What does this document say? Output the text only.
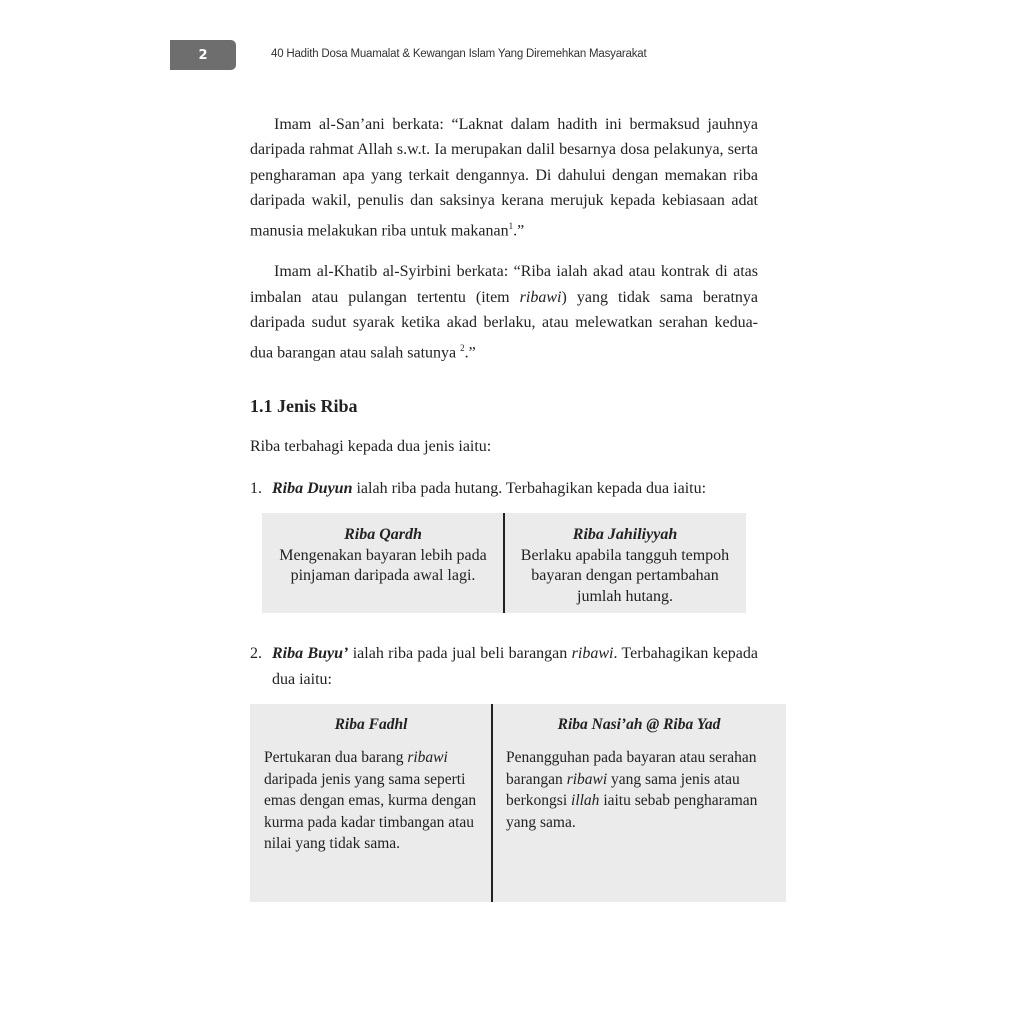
2	40 Hadith Dosa Muamalat & Kewangan Islam Yang Diremehkan Masyarakat

Imam al-San’ani berkata: “Laknat dalam hadith ini bermaksud jauhnya daripada rahmat Allah s.w.t. Ia merupakan dalil besarnya dosa pelakunya, serta pengharaman apa yang terkait dengannya. Di dahului dengan memakan riba daripada wakil, penulis dan saksinya kerana merujuk kepada kebiasaan adat manusia melakukan riba untuk makanan$^1$.”

Imam al-Khatib al-Syirbini berkata: “Riba ialah akad atau kontrak di atas imbalan atau pulangan tertentu (item ribawi) yang tidak sama beratnya daripada sudut syarak ketika akad berlaku, atau melewatkan serahan kedua-dua barangan atau salah satunya $^2$.”

1.1 Jenis Riba

Riba terbahagi kepada dua jenis iaitu:

1. Riba Duyun ialah riba pada hutang. Terbahagikan kepada dua iaitu:
Riba Qardh
Mengenakan bayaran lebih pada pinjaman daripada awal lagi.
Riba Jahiliyyah
Berlaku apabila tangguh tempoh bayaran dengan pertambahan jumlah hutang.
2. Riba Buyu’ ialah riba pada jual beli barangan ribawi. Terbahagikan kepada dua iaitu:
Riba Fadhl
Pertukaran dua barang ribawi daripada jenis yang sama seperti emas dengan emas, kurma dengan kurma pada kadar timbangan atau nilai yang tidak sama.
Riba Nasi’ah @ Riba Yad
Penangguhan pada bayaran atau serahan barangan ribawi yang sama jenis atau berkongsi illah iaitu sebab pengharaman yang sama.
